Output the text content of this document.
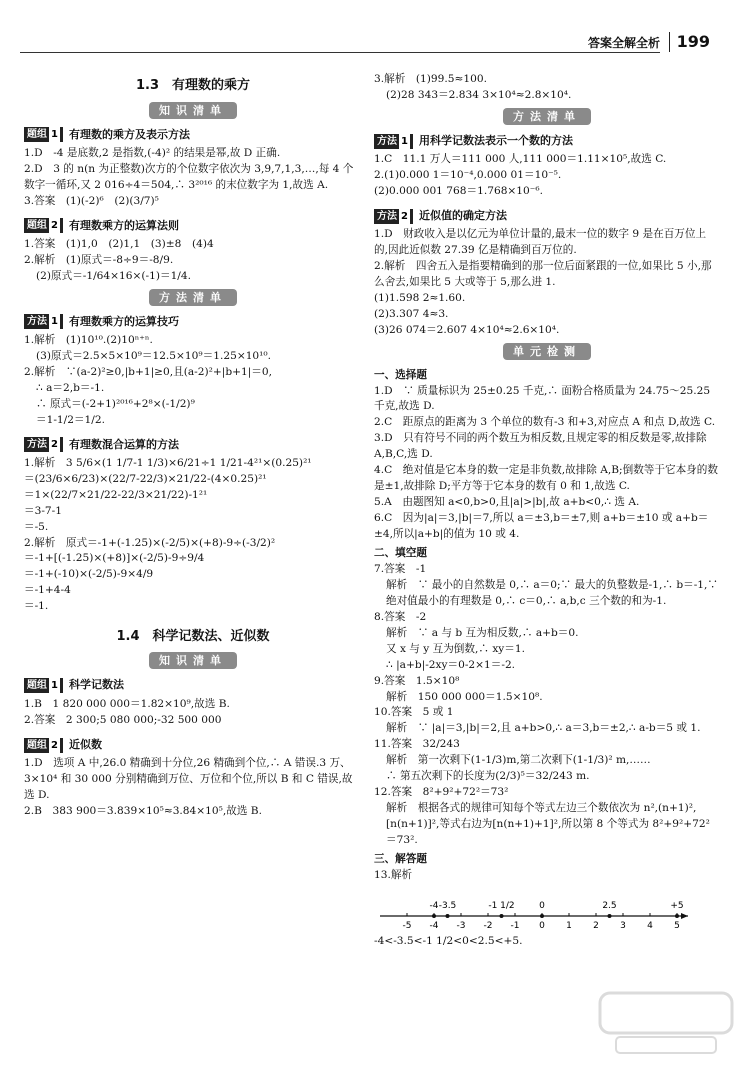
答案全解全析 199
1.3　有理数的乘方
知识清单
题组 1	有理数的乘方及表示方法
1.D　-4 是底数,2 是指数,(-4)² 的结果是幂,故 D 正确.
2.D　3 的 n(n 为正整数)次方的个位数字依次为 3,9,7,1,3,…,每 4 个数字一循环,又 2 016÷4＝504,∴ 3²⁰¹⁶ 的末位数字为 1,故选 A.
3.答案　(1)(-2)⁶　(2)(3/7)⁵
题组 2	有理数乘方的运算法则
1.答案　(1)1,0　(2)1,1　(3)±8　(4)4
2.解析　(1)原式＝-8÷9＝-8/9.
(2)原式＝-1/64×16×(-1)＝1/4.
方法清单
方法 1	有理数乘方的运算技巧
1.解析　(1)10¹⁰.(2)10ⁿ⁺ⁿ.
(3)原式＝2.5×5×10⁹＝12.5×10⁹＝1.25×10¹⁰.
2.解析　∵(a-2)²≥0,|b+1|≥0,且(a-2)²+|b+1|＝0,
∴ a＝2,b＝-1.
∴ 原式＝(-2+1)²⁰¹⁶+2⁸×(-1/2)⁹
＝1-1/2＝1/2.
方法 2	有理数混合运算的方法
1.解析　3 5/6×(1 1/7-1 1/3)×6/21÷1 1/21-4²¹×(0.25)²¹
＝(23/6×6/23)×(22/7-22/3)×21/22-(4×0.25)²¹
＝1×(22/7×21/22-22/3×21/22)-1²¹
＝3-7-1
＝-5.
2.解析　原式＝-1+(-1.25)×(-2/5)×(+8)-9÷(-3/2)²
＝-1+[(-1.25)×(+8)]×(-2/5)-9÷9/4
＝-1+(-10)×(-2/5)-9×4/9
＝-1+4-4
＝-1.
1.4　科学记数法、近似数
知识清单
题组 1	科学记数法
1.B　1 820 000 000＝1.82×10⁹,故选 B.
2.答案　2 300;5 080 000;-32 500 000
题组 2	近似数
1.D　选项 A 中,26.0 精确到十分位,26 精确到个位,∴ A 错误.3 万、3×10⁴ 和 30 000 分别精确到万位、万位和个位,所以 B 和 C 错误,故选 D.
2.B　383 900＝3.839×10⁵≈3.84×10⁵,故选 B.
3.解析　(1)99.5≈100.
(2)28 343＝2.834 3×10⁴≈2.8×10⁴.
方法清单
方法 1	用科学记数法表示一个数的方法
1.C　11.1 万人＝111 000 人,111 000＝1.11×10⁵,故选 C.
2.(1)0.000 1＝10⁻⁴,0.000 01＝10⁻⁵.
(2)0.000 001 768＝1.768×10⁻⁶.
方法 2	近似值的确定方法
1.D　财政收入是以亿元为单位计量的,最末一位的数字 9 是在百万位上的,因此近似数 27.39 亿是精确到百万位的.
2.解析　四舍五入是指要精确到的那一位后面紧跟的一位,如果比 5 小,那么舍去,如果比 5 大或等于 5,那么进 1.
(1)1.598 2≈1.60.
(2)3.307 4≈3.
(3)26 074＝2.607 4×10⁴≈2.6×10⁴.
单元检测
一、选择题
1.D　∵ 质量标识为 25±0.25 千克,∴ 面粉合格质量为 24.75～25.25 千克,故选 D.
2.C　距原点的距离为 3 个单位的数有-3 和+3,对应点 A 和点 D,故选 C.
3.D　只有符号不同的两个数互为相反数,且规定零的相反数是零,故排除 A,B,C,选 D.
4.C　绝对值是它本身的数一定是非负数,故排除 A,B;倒数等于它本身的数是±1,故排除 D;平方等于它本身的数有 0 和 1,故选 C.
5.A　由题图知 a<0,b>0,且|a|>|b|,故 a+b<0,∴ 选 A.
6.C　因为|a|＝3,|b|＝7,所以 a＝±3,b＝±7,则 a+b＝±10 或 a+b＝±4,所以|a+b|的值为 10 或 4.
二、填空题
7.答案　-1
解析　∵ 最小的自然数是 0,∴ a＝0;∵ 最大的负整数是-1,∴ b＝-1,∵ 绝对值最小的有理数是 0,∴ c＝0,∴ a,b,c 三个数的和为-1.
8.答案　-2
解析　∵ a 与 b 互为相反数,∴ a+b＝0.
又 x 与 y 互为倒数,∴ xy＝1.
∴ |a+b|-2xy＝0-2×1＝-2.
9.答案　1.5×10⁸
解析　150 000 000＝1.5×10⁸.
10.答案　5 或 1
解析　∵ |a|＝3,|b|＝2,且 a+b>0,∴ a＝3,b＝±2,∴ a-b＝5 或 1.
11.答案　32/243
解析　第一次剩下(1-1/3)m,第二次剩下(1-1/3)² m,……
∴ 第五次剩下的长度为(2/3)⁵＝32/243 m.
12.答案　8²+9²+72²＝73²
解析　根据各式的规律可知每个等式左边三个数依次为 n²,(n+1)²,[n(n+1)]²,等式右边为[n(n+1)+1]²,所以第 8 个等式为 8²+9²+72²＝73².
三、解答题
13.解析
-5 -4 -3 -2 -1 0 1 2 3 4 5
-4 -3.5	-1 1/2	0	2.5	+5
-4<-3.5<-1 1/2<0<2.5<+5.
